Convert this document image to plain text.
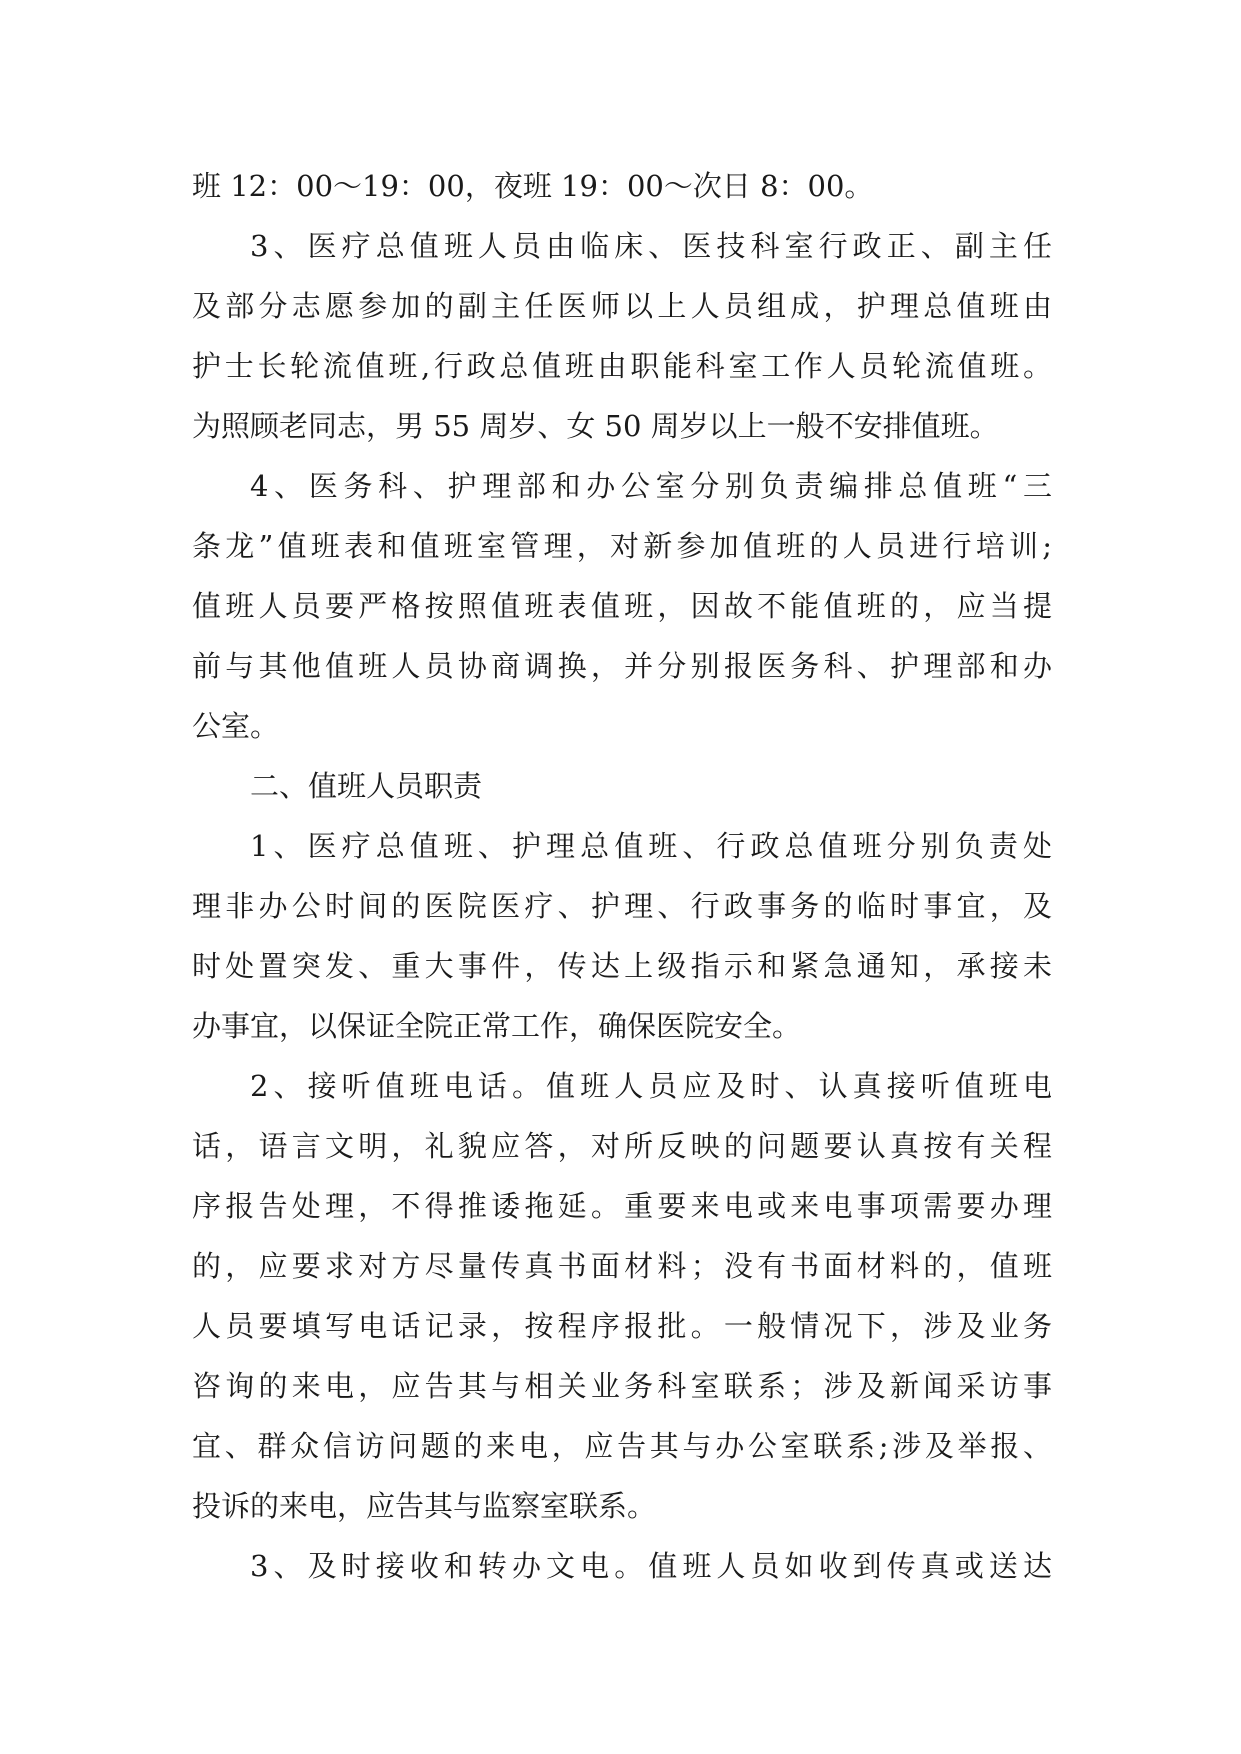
班 12：00～19：00，夜班 19：00～次日 8：00。
3、医疗总值班人员由临床、医技科室行政正、副主任
及部分志愿参加的副主任医师以上人员组成，护理总值班由
护士长轮流值班,行政总值班由职能科室工作人员轮流值班。
为照顾老同志，男 55 周岁、女 50 周岁以上一般不安排值班。
4、医务科、护理部和办公室分别负责编排总值班“三
条龙”值班表和值班室管理，对新参加值班的人员进行培训;
值班人员要严格按照值班表值班，因故不能值班的，应当提
前与其他值班人员协商调换，并分别报医务科、护理部和办
公室。
二、值班人员职责
1、医疗总值班、护理总值班、行政总值班分别负责处
理非办公时间的医院医疗、护理、行政事务的临时事宜，及
时处置突发、重大事件，传达上级指示和紧急通知，承接未
办事宜，以保证全院正常工作，确保医院安全。
2、接听值班电话。值班人员应及时、认真接听值班电
话，语言文明，礼貌应答，对所反映的问题要认真按有关程
序报告处理，不得推诿拖延。重要来电或来电事项需要办理
的，应要求对方尽量传真书面材料；没有书面材料的，值班
人员要填写电话记录，按程序报批。一般情况下，涉及业务
咨询的来电，应告其与相关业务科室联系；涉及新闻采访事
宜、群众信访问题的来电，应告其与办公室联系;涉及举报、
投诉的来电，应告其与监察室联系。
3、及时接收和转办文电。值班人员如收到传真或送达
